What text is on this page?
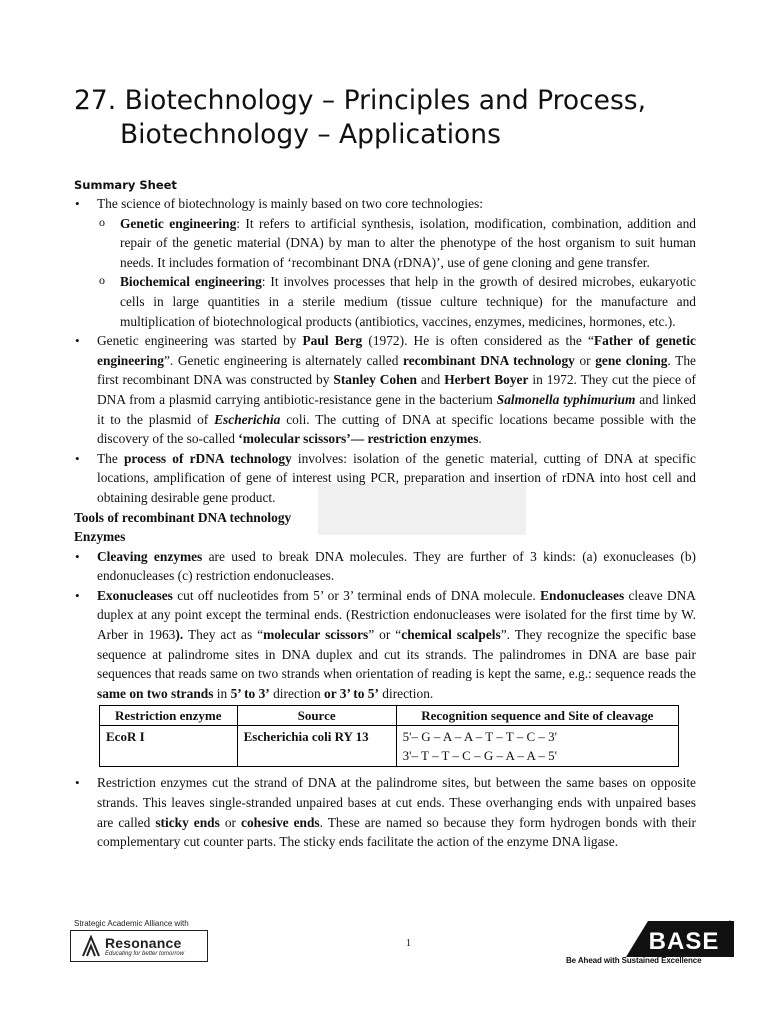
27. Biotechnology – Principles and Process,
Biotechnology – Applications
Summary Sheet

• The science of biotechnology is mainly based on two core technologies:

o Genetic engineering: It refers to artificial synthesis, isolation, modification, combination, addition and repair of the genetic material (DNA) by man to alter the phenotype of the host organism to suit human needs. It includes formation of ‘recombinant DNA (rDNA)’, use of gene cloning and gene transfer.

o Biochemical engineering: It involves processes that help in the growth of desired microbes, eukaryotic cells in large quantities in a sterile medium (tissue culture technique) for the manufacture and multiplication of biotechnological products (antibiotics, vaccines, enzymes, medicines, hormones, etc.).

• Genetic engineering was started by Paul Berg (1972). He is often considered as the “Father of genetic engineering”. Genetic engineering is alternately called recombinant DNA technology or gene cloning. The first recombinant DNA was constructed by Stanley Cohen and Herbert Boyer in 1972. They cut the piece of DNA from a plasmid carrying antibiotic-resistance gene in the bacterium Salmonella typhimurium and linked it to the plasmid of Escherichia coli. The cutting of DNA at specific locations became possible with the discovery of the so-called ‘molecular scissors’— restriction enzymes.

• The process of rDNA technology involves: isolation of the genetic material, cutting of DNA at specific locations, amplification of gene of interest using PCR, preparation and insertion of rDNA into host cell and obtaining desirable gene product.

Tools of recombinant DNA technology

Enzymes

• Cleaving enzymes are used to break DNA molecules. They are further of 3 kinds: (a) exonucleases (b) endonucleases (c) restriction endonucleases.

• Exonucleases cut off nucleotides from 5’ or 3’ terminal ends of DNA molecule. Endonucleases cleave DNA duplex at any point except the terminal ends. (Restriction endonucleases were isolated for the first time by W. Arber in 1963). They act as “molecular scissors” or “chemical scalpels”. They recognize the specific base sequence at palindrome sites in DNA duplex and cut its strands. The palindromes in DNA are base pair sequences that reads same on two strands when orientation of reading is kept the same, e.g.: sequence reads the same on two strands in 5’ to 3’ direction or 3’ to 5’ direction.

Restriction enzyme	Source	Recognition sequence and Site of cleavage
EcoR I	Escherichia coli RY 13	5'– G – A – A – T – T – C – 3'
3'– T – T – C – G – A – A – 5'

• Restriction enzymes cut the strand of DNA at the palindrome sites, but between the same bases on opposite strands. This leaves single-stranded unpaired bases at cut ends. These overhanging ends with unpaired bases are called sticky ends or cohesive ends. These are named so because they form hydrogen bonds with their complementary cut counter parts. The sticky ends facilitate the action of the enzyme DNA ligase.

Strategic Academic Alliance with
Resonance
Educating for better tomorrow
1	BASE
Be Ahead with Sustained Excellence
